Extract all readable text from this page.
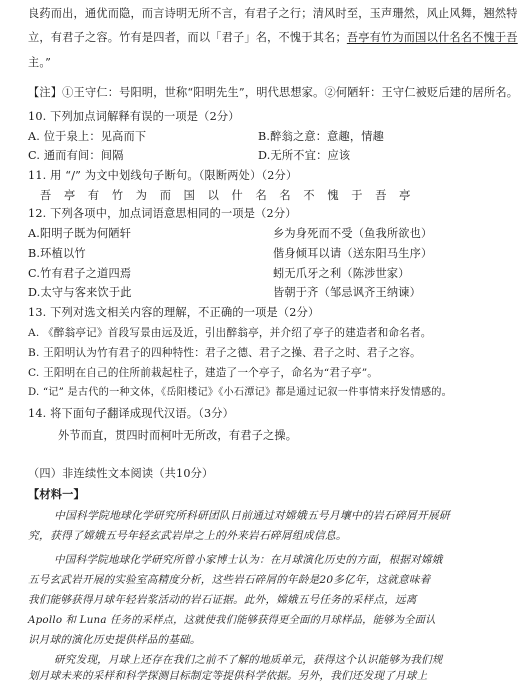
良药而出，通优而隐，而言诗明无所不言，有君子之行；清风时至，玉声珊然，风止风舞，翘然特
立，有君子之容。竹有是四者，而以「君子」名，不愧于其名；吾亭有竹为而国以什名名不愧于吾
主。”
【注】①王守仁：号阳明，世称“阳明先生”，明代思想家。②何陋轩：王守仁被贬后建的居所名。
10. 下列加点词解释有误的一项是（2分）
A. 位于泉上：见高而下	B.醉翁之意：意趣，情趣
C. 通而有间：间隔	D.无所不宜：应该
11. 用 “/” 为文中划线句子断句。（限断两处）（2分）
吾 亭 有 竹 为 而 国 以 什 名 名 不 愧 于 吾 亭
12. 下列各项中，加点词语意思相同的一项是（2分）
A.阳明子既为何陋轩	乡为身死而不受（鱼我所欲也）
B.环植以竹	偕身倾耳以请（送东阳马生序）
C.竹有君子之道四焉	蚓无爪牙之利（陈涉世家）
D.太守与客来饮于此	皆朝于齐（邹忌讽齐王纳谏）
13. 下列对选文相关内容的理解，不正确的一项是（2分）
A. 《醉翁亭记》首段写景由远及近，引出醉翁亭，并介绍了亭子的建造者和命名者。
B. 王阳明认为竹有君子的四种特性：君子之德、君子之操、君子之时、君子之容。
C. 王阳明在自己的住所前栽起柱子，建造了一个亭子，命名为“君子亭”。
D. “记” 是古代的一种文体，《岳阳楼记》《小石潭记》都是通过记叙一件事情来抒发情感的。
14. 将下面句子翻译成现代汉语。（3分）
外节而直，贯四时而柯叶无所改，有君子之操。
（四）非连续性文本阅读（共10分）
【材料一】
中国科学院地球化学研究所科研团队日前通过对嫦娥五号月壤中的岩石碎屑开展研
究，获得了嫦娥五号年轻玄武岩岸之上的外来岩石碎屑组成信息。
中国科学院地球化学研究所曾小家博士认为：在月球演化历史的方面，根据对嫦娥
五号玄武岩开展的实验室高精度分析，这些岩石碎屑的年龄是20多亿年，这就意味着
我们能够获得月球年轻岩浆活动的岩石证据。此外，嫦娥五号任务的采样点，远离
Apollo 和 Luna 任务的采样点，这就使我们能够获得更全面的月球样品，能够为全面认
识月球的演化历史提供样品的基础。
研究发现，月球上还存在我们之前不了解的地质单元，获得这个认识能够为我们规
划月球未来的采样和科学探测目标制定等提供科学依据。另外，我们还发现了月球上
